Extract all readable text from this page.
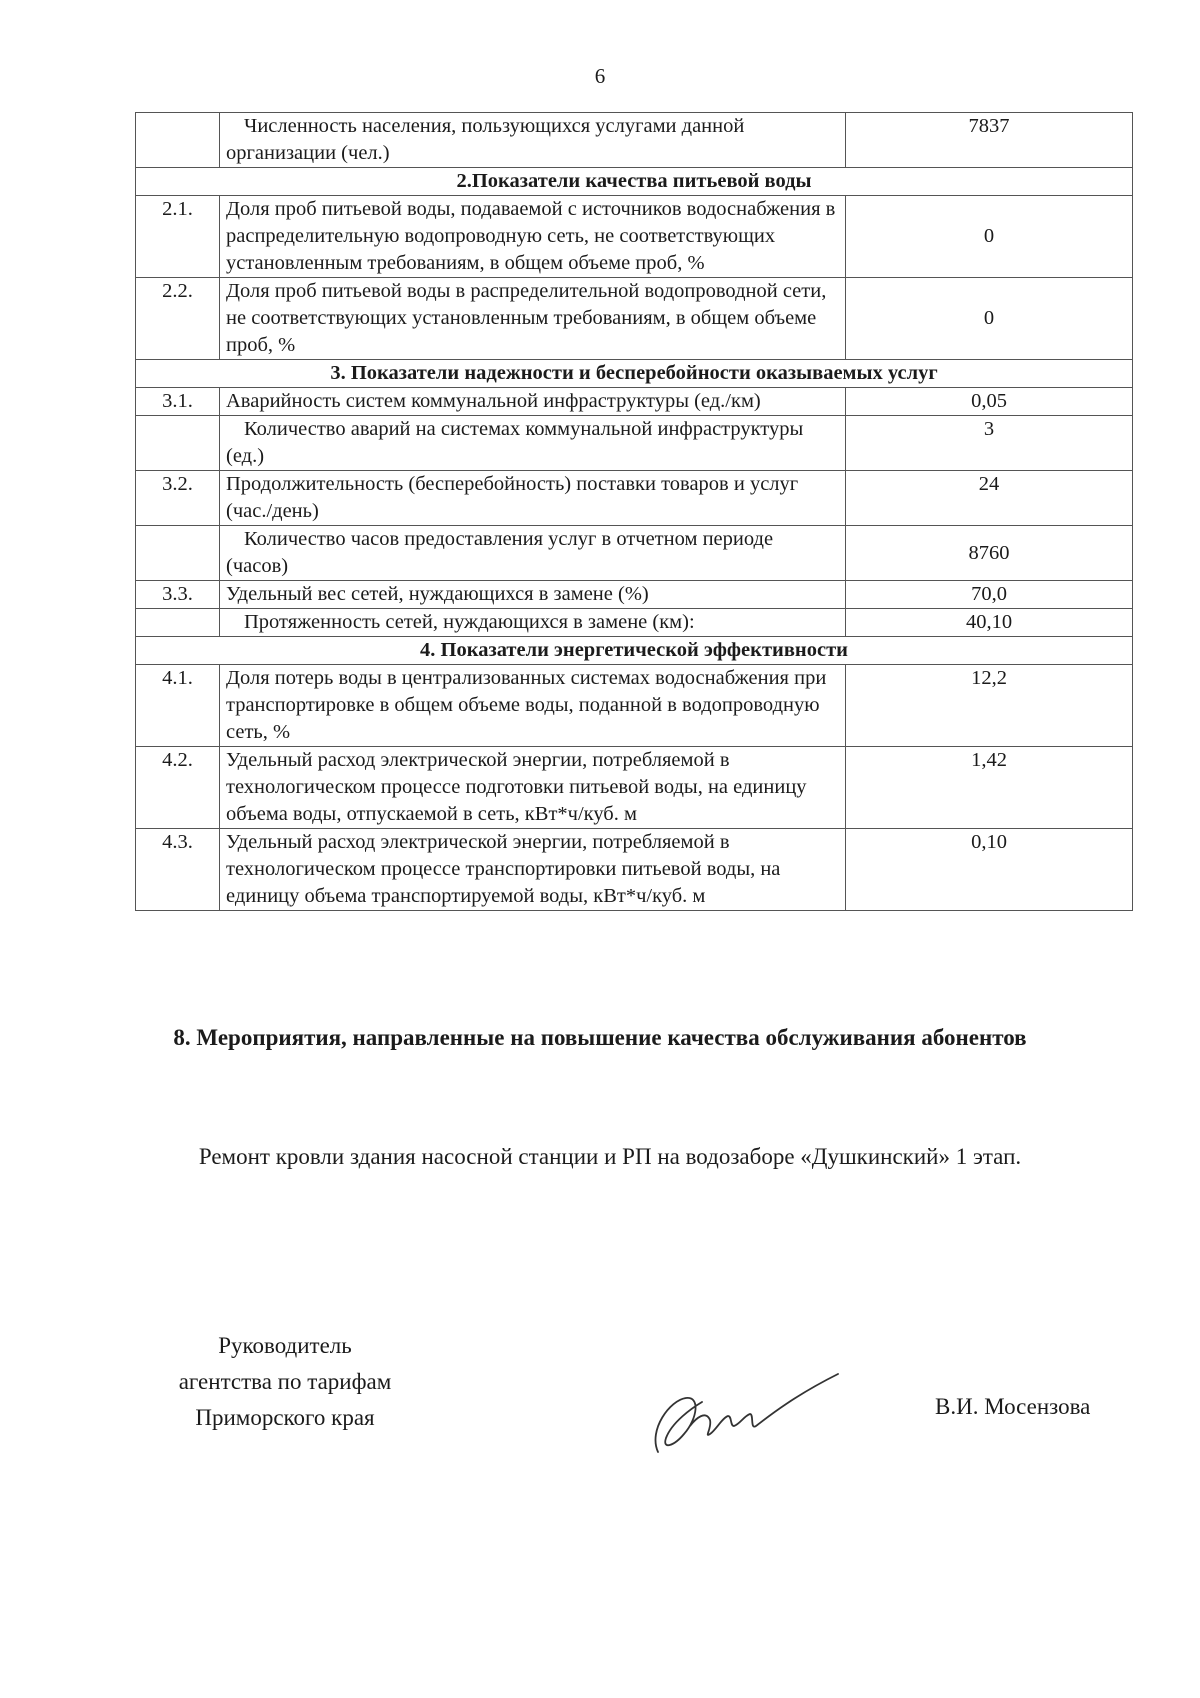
6
	Численность населения, пользующихся услугами данной организации (чел.)	7837
2.Показатели качества питьевой воды		
2.1.	Доля проб питьевой воды, подаваемой с источников водоснабжения в распределительную водопроводную сеть, не соответствующих установленным требованиям, в общем объеме проб, %	0
2.2.	Доля проб питьевой воды в распределительной водопроводной сети, не соответствующих установленным требованиям, в общем объеме проб, %	0
3. Показатели надежности и бесперебойности оказываемых услуг		
3.1.	Аварийность систем коммунальной инфраструктуры (ед./км)	0,05
	Количество аварий на системах коммунальной инфраструктуры (ед.)	3
3.2.	Продолжительность (бесперебойность) поставки товаров и услуг (час./день)	24
	Количество часов предоставления услуг в отчетном периоде (часов)	8760
3.3.	Удельный вес сетей, нуждающихся в замене (%)	70,0
	Протяженность сетей, нуждающихся в замене (км):	40,10
4. Показатели энергетической эффективности		
4.1.	Доля потерь воды в централизованных системах водоснабжения при транспортировке в общем объеме воды, поданной в водопроводную сеть, %	12,2
4.2.	Удельный расход электрической энергии, потребляемой в технологическом процессе подготовки питьевой воды, на единицу объема воды, отпускаемой в сеть, кВт*ч/куб. м	1,42
4.3.	Удельный расход электрической энергии, потребляемой в технологическом процессе транспортировки питьевой воды, на единицу объема транспортируемой воды, кВт*ч/куб. м	0,10
8. Мероприятия, направленные на повышение качества обслуживания абонентов
Ремонт кровли здания насосной станции и РП на водозаборе «Душкинский» 1 этап.
Руководитель
агентства по тарифам
Приморского края	В.И. Мосензова
